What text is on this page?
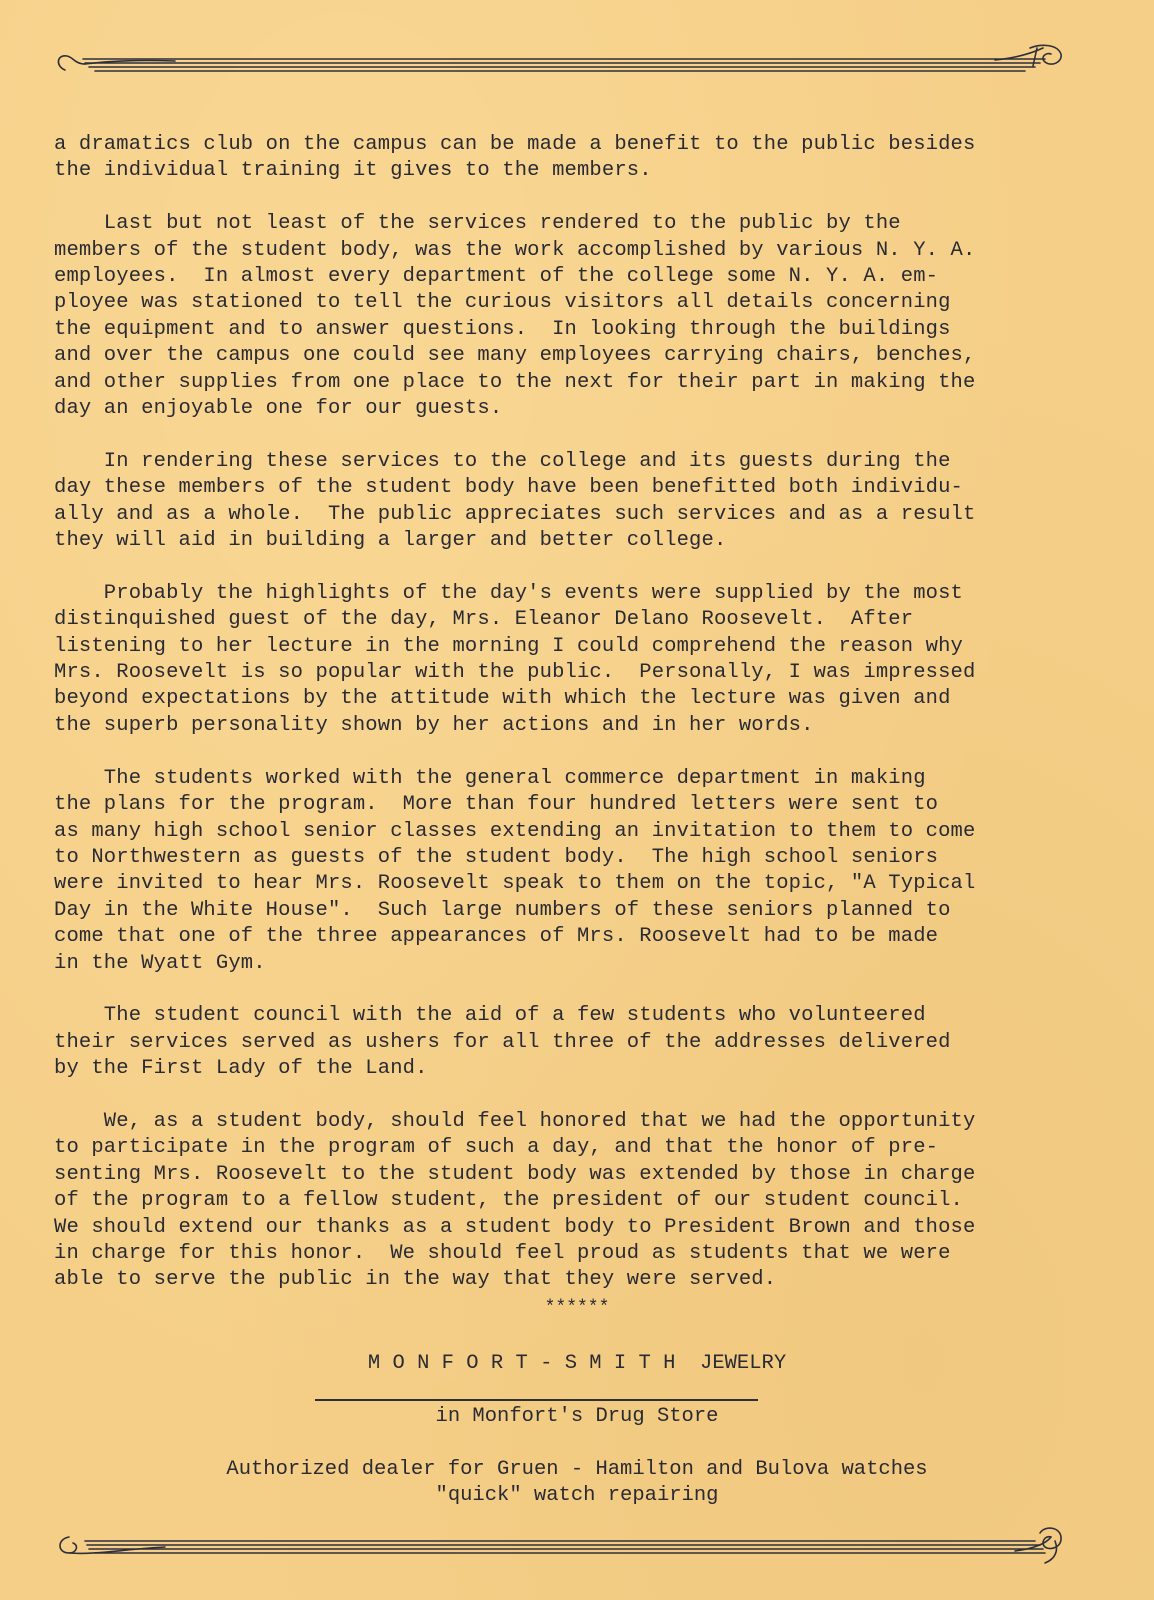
a dramatics club on the campus can be made a benefit to the public besides
the individual training it gives to the members.

Last but not least of the services rendered to the public by the
members of the student body, was the work accomplished by various N. Y. A.
employees.  In almost every department of the college some N. Y. A. em-
ployee was stationed to tell the curious visitors all details concerning
the equipment and to answer questions.  In looking through the buildings
and over the campus one could see many employees carrying chairs, benches,
and other supplies from one place to the next for their part in making the
day an enjoyable one for our guests.

In rendering these services to the college and its guests during the
day these members of the student body have been benefitted both individu-
ally and as a whole.  The public appreciates such services and as a result
they will aid in building a larger and better college.

Probably the highlights of the day's events were supplied by the most
distinquished guest of the day, Mrs. Eleanor Delano Roosevelt.  After
listening to her lecture in the morning I could comprehend the reason why
Mrs. Roosevelt is so popular with the public.  Personally, I was impressed
beyond expectations by the attitude with which the lecture was given and
the superb personality shown by her actions and in her words.

The students worked with the general commerce department in making
the plans for the program.  More than four hundred letters were sent to
as many high school senior classes extending an invitation to them to come
to Northwestern as guests of the student body.  The high school seniors
were invited to hear Mrs. Roosevelt speak to them on the topic, "A Typical
Day in the White House".  Such large numbers of these seniors planned to
come that one of the three appearances of Mrs. Roosevelt had to be made
in the Wyatt Gym.

The student council with the aid of a few students who volunteered
their services served as ushers for all three of the addresses delivered
by the First Lady of the Land.

We, as a student body, should feel honored that we had the opportunity
to participate in the program of such a day, and that the honor of pre-
senting Mrs. Roosevelt to the student body was extended by those in charge
of the program to a fellow student, the president of our student council.
We should extend our thanks as a student body to President Brown and those
in charge for this honor.  We should feel proud as students that we were
able to serve the public in the way that they were served.

******
M O N F O R T - S M I T H  JEWELRY
in Monfort's Drug Store
Authorized dealer for Gruen - Hamilton and Bulova watches
"quick" watch repairing
